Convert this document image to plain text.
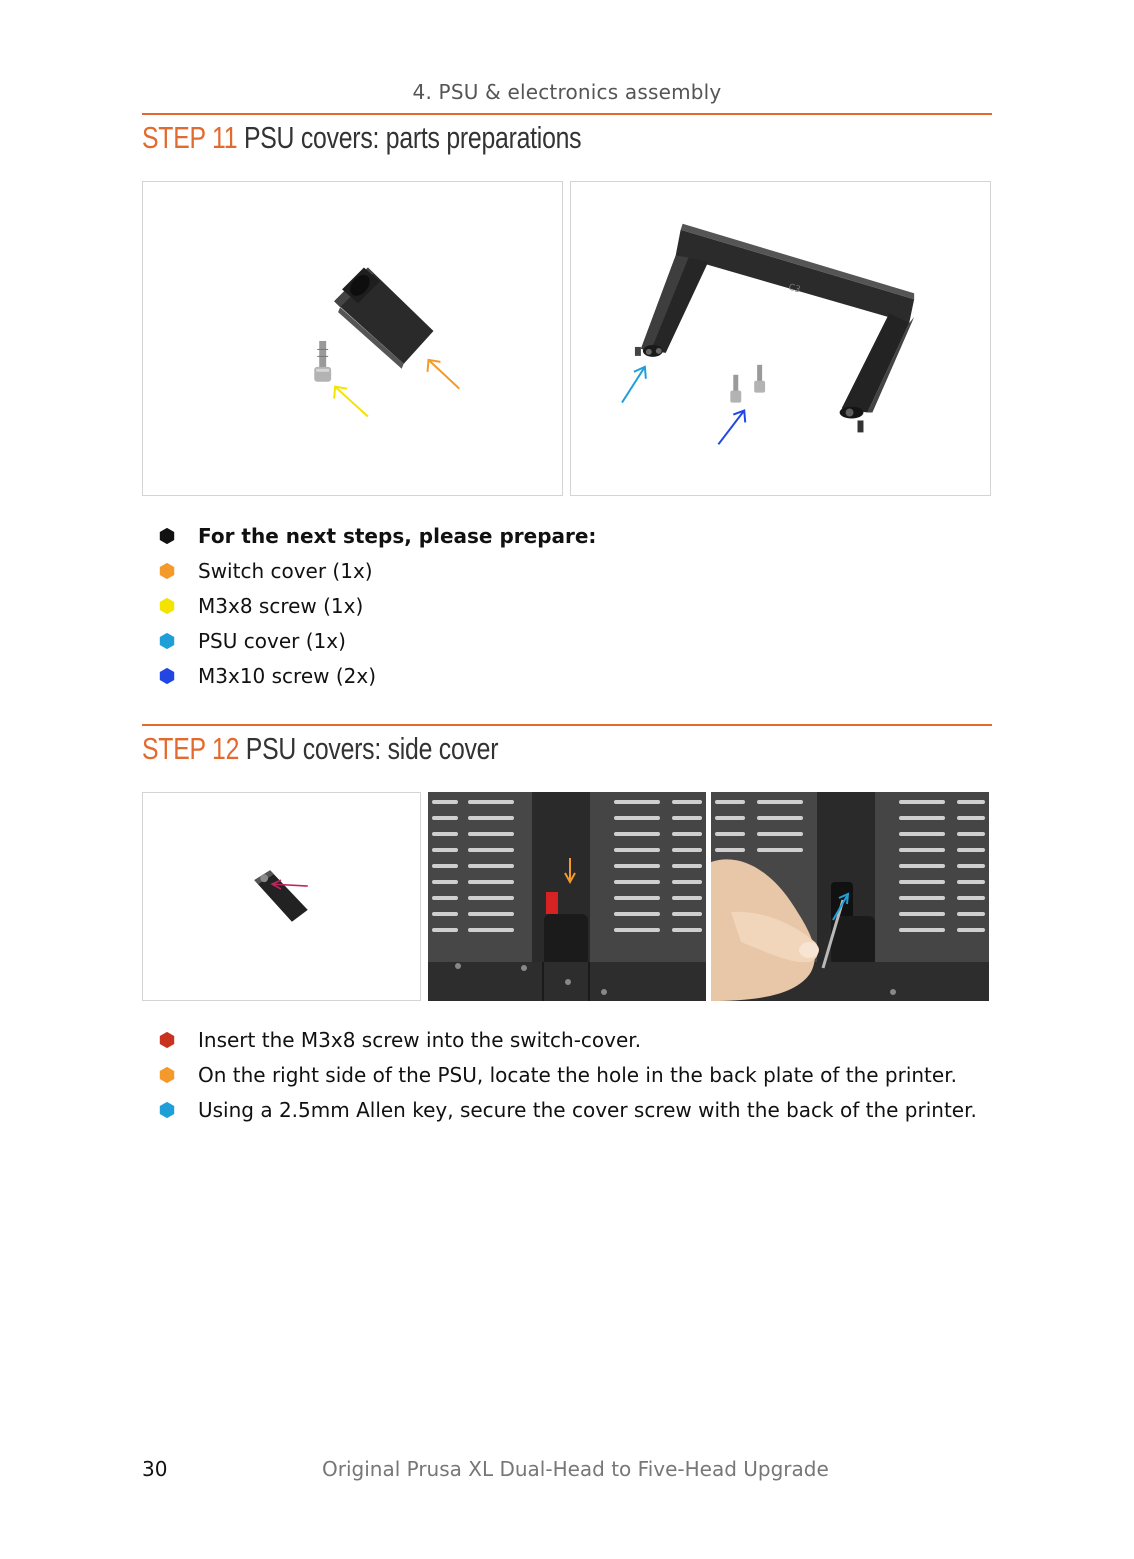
4. PSU & electronics assembly
STEP 11 PSU covers: parts preparations
C3
For the next steps, please prepare:
Switch cover (1x)
M3x8 screw (1x)
PSU cover (1x)
M3x10 screw (2x)
STEP 12 PSU covers: side cover
Insert the M3x8 screw into the switch-cover.
On the right side of the PSU, locate the hole in the back plate of the printer.
Using a 2.5mm Allen key, secure the cover screw with the back of the printer.
30	Original Prusa XL Dual-Head to Five-Head Upgrade
